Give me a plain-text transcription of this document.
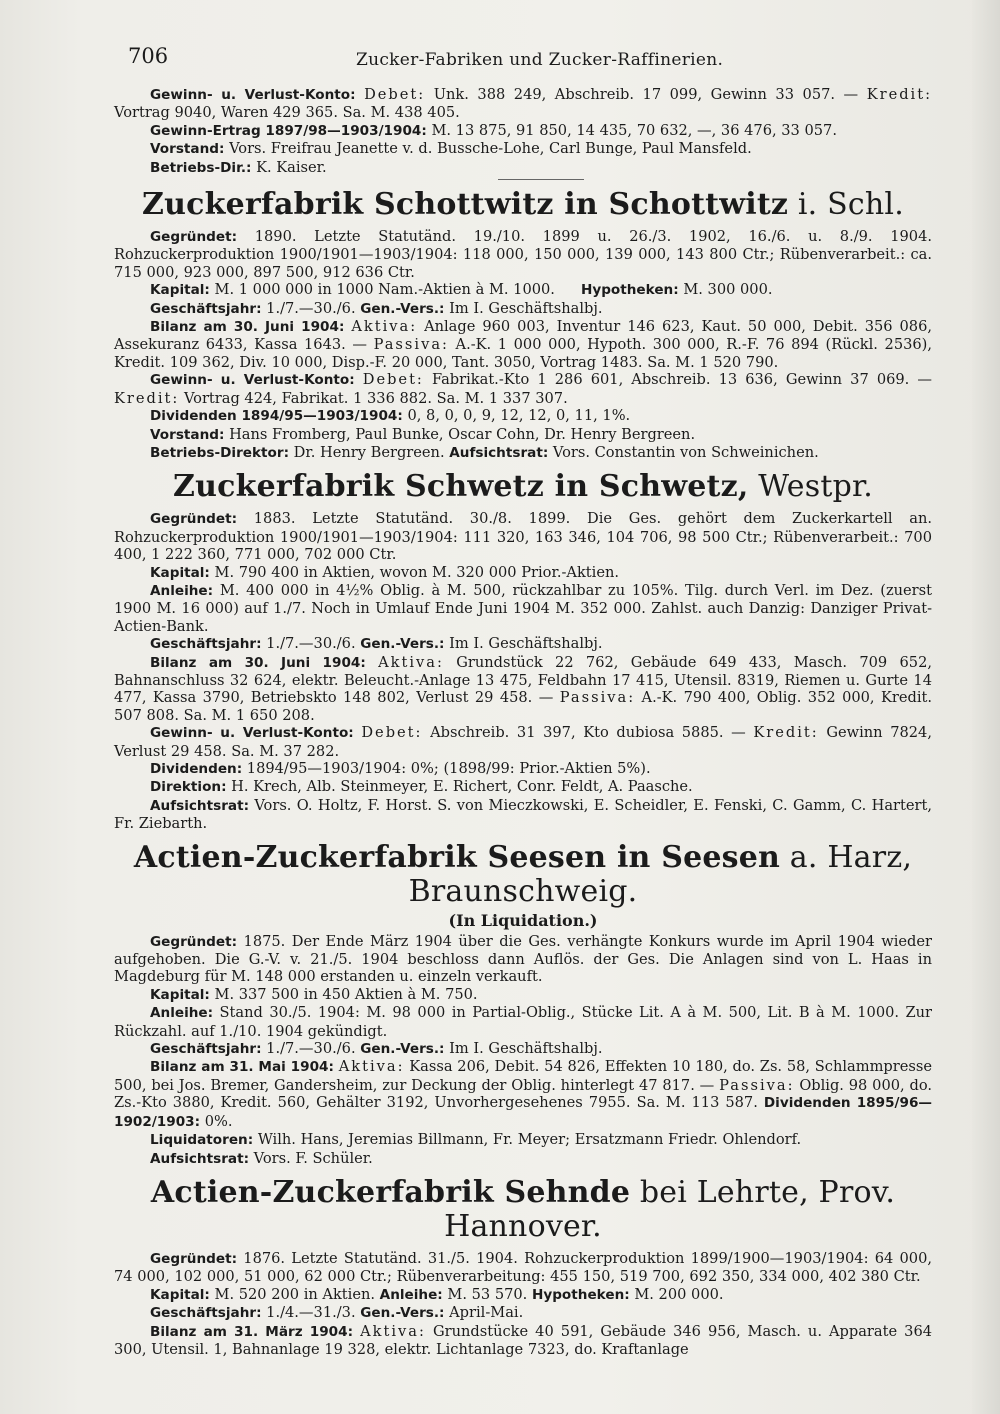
706	Zucker-Fabriken und Zucker-Raffinerien.

Gewinn- u. Verlust-Konto: Debet: Unk. 388 249, Abschreib. 17 099, Gewinn 33 057. — Kredit: Vortrag 9040, Waren 429 365. Sa. M. 438 405.

Gewinn-Ertrag 1897/98—1903/1904: M. 13 875, 91 850, 14 435, 70 632, —, 36 476, 33 057.

Vorstand: Vors. Freifrau Jeanette v. d. Bussche-Lohe, Carl Bunge, Paul Mansfeld.

Betriebs-Dir.: K. Kaiser.

Zuckerfabrik Schottwitz in Schottwitz i. Schl.

Gegründet: 1890. Letzte Statutänd. 19./10. 1899 u. 26./3. 1902, 16./6. u. 8./9. 1904. Rohzuckerproduktion 1900/1901—1903/1904: 118 000, 150 000, 139 000, 143 800 Ctr.; Rübenverarbeit.: ca. 715 000, 923 000, 897 500, 912 636 Ctr.

Kapital: M. 1 000 000 in 1000 Nam.-Aktien à M. 1000. Hypotheken: M. 300 000.

Geschäftsjahr: 1./7.—30./6. Gen.-Vers.: Im I. Geschäftshalbj.

Bilanz am 30. Juni 1904: Aktiva: Anlage 960 003, Inventur 146 623, Kaut. 50 000, Debit. 356 086, Assekuranz 6433, Kassa 1643. — Passiva: A.-K. 1 000 000, Hypoth. 300 000, R.-F. 76 894 (Rückl. 2536), Kredit. 109 362, Div. 10 000, Disp.-F. 20 000, Tant. 3050, Vortrag 1483. Sa. M. 1 520 790.

Gewinn- u. Verlust-Konto: Debet: Fabrikat.-Kto 1 286 601, Abschreib. 13 636, Gewinn 37 069. — Kredit: Vortrag 424, Fabrikat. 1 336 882. Sa. M. 1 337 307.

Dividenden 1894/95—1903/1904: 0, 8, 0, 0, 9, 12, 12, 0, 11, 1%.

Vorstand: Hans Fromberg, Paul Bunke, Oscar Cohn, Dr. Henry Bergreen.

Betriebs-Direktor: Dr. Henry Bergreen. Aufsichtsrat: Vors. Constantin von Schweinichen.

Zuckerfabrik Schwetz in Schwetz, Westpr.

Gegründet: 1883. Letzte Statutänd. 30./8. 1899. Die Ges. gehört dem Zuckerkartell an. Rohzuckerproduktion 1900/1901—1903/1904: 111 320, 163 346, 104 706, 98 500 Ctr.; Rübenverarbeit.: 700 400, 1 222 360, 771 000, 702 000 Ctr.

Kapital: M. 790 400 in Aktien, wovon M. 320 000 Prior.-Aktien.

Anleihe: M. 400 000 in 4½% Oblig. à M. 500, rückzahlbar zu 105%. Tilg. durch Verl. im Dez. (zuerst 1900 M. 16 000) auf 1./7. Noch in Umlauf Ende Juni 1904 M. 352 000. Zahlst. auch Danzig: Danziger Privat-Actien-Bank.

Geschäftsjahr: 1./7.—30./6. Gen.-Vers.: Im I. Geschäftshalbj.

Bilanz am 30. Juni 1904: Aktiva: Grundstück 22 762, Gebäude 649 433, Masch. 709 652, Bahnanschluss 32 624, elektr. Beleucht.-Anlage 13 475, Feldbahn 17 415, Utensil. 8319, Riemen u. Gurte 14 477, Kassa 3790, Betriebskto 148 802, Verlust 29 458. — Passiva: A.-K. 790 400, Oblig. 352 000, Kredit. 507 808. Sa. M. 1 650 208.

Gewinn- u. Verlust-Konto: Debet: Abschreib. 31 397, Kto dubiosa 5885. — Kredit: Gewinn 7824, Verlust 29 458. Sa. M. 37 282.

Dividenden: 1894/95—1903/1904: 0%; (1898/99: Prior.-Aktien 5%).

Direktion: H. Krech, Alb. Steinmeyer, E. Richert, Conr. Feldt, A. Paasche.

Aufsichtsrat: Vors. O. Holtz, F. Horst. S. von Mieczkowski, E. Scheidler, E. Fenski, C. Gamm, C. Hartert, Fr. Ziebarth.

Actien-Zuckerfabrik Seesen in Seesen a. Harz, Braunschweig.
(In Liquidation.)

Gegründet: 1875. Der Ende März 1904 über die Ges. verhängte Konkurs wurde im April 1904 wieder aufgehoben. Die G.-V. v. 21./5. 1904 beschloss dann Auflös. der Ges. Die Anlagen sind von L. Haas in Magdeburg für M. 148 000 erstanden u. einzeln verkauft.

Kapital: M. 337 500 in 450 Aktien à M. 750.

Anleihe: Stand 30./5. 1904: M. 98 000 in Partial-Oblig., Stücke Lit. A à M. 500, Lit. B à M. 1000. Zur Rückzahl. auf 1./10. 1904 gekündigt.

Geschäftsjahr: 1./7.—30./6. Gen.-Vers.: Im I. Geschäftshalbj.

Bilanz am 31. Mai 1904: Aktiva: Kassa 206, Debit. 54 826, Effekten 10 180, do. Zs. 58, Schlammpresse 500, bei Jos. Bremer, Gandersheim, zur Deckung der Oblig. hinterlegt 47 817. — Passiva: Oblig. 98 000, do. Zs.-Kto 3880, Kredit. 560, Gehälter 3192, Unvorhergesehenes 7955. Sa. M. 113 587. Dividenden 1895/96—1902/1903: 0%.

Liquidatoren: Wilh. Hans, Jeremias Billmann, Fr. Meyer; Ersatzmann Friedr. Ohlendorf.

Aufsichtsrat: Vors. F. Schüler.

Actien-Zuckerfabrik Sehnde bei Lehrte, Prov. Hannover.

Gegründet: 1876. Letzte Statutänd. 31./5. 1904. Rohzuckerproduktion 1899/1900—1903/1904: 64 000, 74 000, 102 000, 51 000, 62 000 Ctr.; Rübenverarbeitung: 455 150, 519 700, 692 350, 334 000, 402 380 Ctr.

Kapital: M. 520 200 in Aktien. Anleihe: M. 53 570. Hypotheken: M. 200 000.

Geschäftsjahr: 1./4.—31./3. Gen.-Vers.: April-Mai.

Bilanz am 31. März 1904: Aktiva: Grundstücke 40 591, Gebäude 346 956, Masch. u. Apparate 364 300, Utensil. 1, Bahnanlage 19 328, elektr. Lichtanlage 7323, do. Kraftanlage
